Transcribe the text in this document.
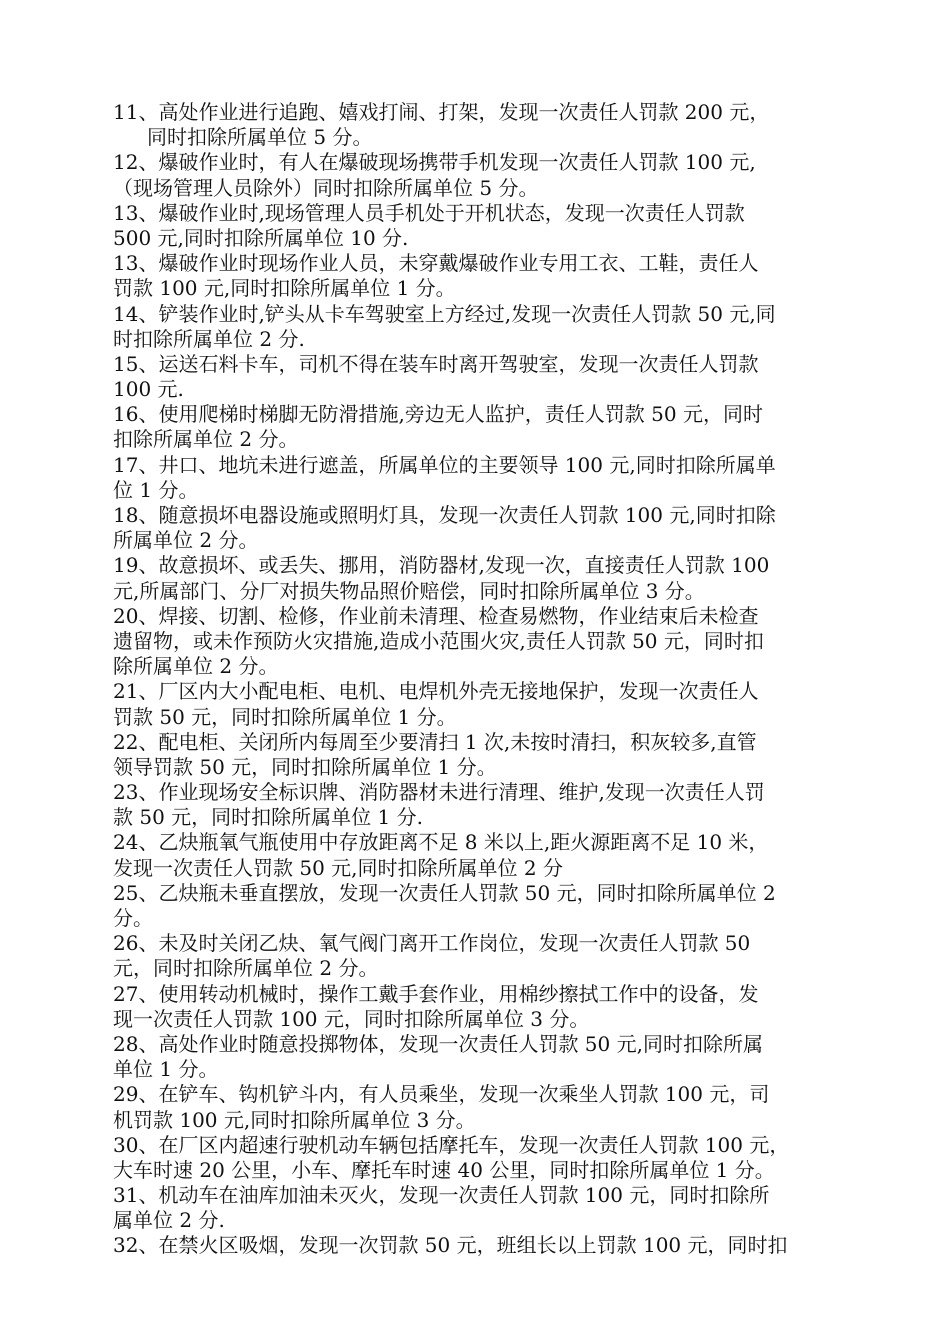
11、高处作业进行追跑、嬉戏打闹、打架，发现一次责任人罚款 200 元，
同时扣除所属单位 5 分。
12、爆破作业时，有人在爆破现场携带手机发现一次责任人罚款 100 元,
（现场管理人员除外）同时扣除所属单位 5 分。
13、爆破作业时,现场管理人员手机处于开机状态，发现一次责任人罚款
500 元,同时扣除所属单位 10 分.
13、爆破作业时现场作业人员，未穿戴爆破作业专用工衣、工鞋，责任人
罚款 100 元,同时扣除所属单位 1 分。
14、铲装作业时,铲头从卡车驾驶室上方经过,发现一次责任人罚款 50 元,同
时扣除所属单位 2 分.
15、运送石料卡车，司机不得在装车时离开驾驶室，发现一次责任人罚款
100 元.
16、使用爬梯时梯脚无防滑措施,旁边无人监护，责任人罚款 50 元，同时
扣除所属单位 2 分。
17、井口、地坑未进行遮盖，所属单位的主要领导 100 元,同时扣除所属单
位 1 分。
18、随意损坏电器设施或照明灯具，发现一次责任人罚款 100 元,同时扣除
所属单位 2 分。
19、故意损坏、或丢失、挪用，消防器材,发现一次，直接责任人罚款 100
元,所属部门、分厂对损失物品照价赔偿，同时扣除所属单位 3 分。
20、焊接、切割、检修，作业前未清理、检查易燃物，作业结束后未检查
遗留物，或未作预防火灾措施,造成小范围火灾,责任人罚款 50 元，同时扣
除所属单位 2 分。
21、厂区内大小配电柜、电机、电焊机外壳无接地保护，发现一次责任人
罚款 50 元，同时扣除所属单位 1 分。
22、配电柜、关闭所内每周至少要清扫 1 次,未按时清扫，积灰较多,直管
领导罚款 50 元，同时扣除所属单位 1 分。
23、作业现场安全标识牌、消防器材未进行清理、维护,发现一次责任人罚
款 50 元，同时扣除所属单位 1 分.
24、乙炔瓶氧气瓶使用中存放距离不足 8 米以上,距火源距离不足 10 米，
发现一次责任人罚款 50 元,同时扣除所属单位 2 分
25、乙炔瓶未垂直摆放，发现一次责任人罚款 50 元，同时扣除所属单位 2
分。
26、未及时关闭乙炔、氧气阀门离开工作岗位，发现一次责任人罚款 50
元，同时扣除所属单位 2 分。
27、使用转动机械时，操作工戴手套作业，用棉纱擦拭工作中的设备，发
现一次责任人罚款 100 元，同时扣除所属单位 3 分。
28、高处作业时随意投掷物体，发现一次责任人罚款 50 元,同时扣除所属
单位 1 分。
29、在铲车、钩机铲斗内，有人员乘坐，发现一次乘坐人罚款 100 元，司
机罚款 100 元,同时扣除所属单位 3 分。
30、在厂区内超速行驶机动车辆包括摩托车，发现一次责任人罚款 100 元，
大车时速 20 公里，小车、摩托车时速 40 公里，同时扣除所属单位 1 分。
31、机动车在油库加油未灭火，发现一次责任人罚款 100 元，同时扣除所
属单位 2 分.
32、在禁火区吸烟，发现一次罚款 50 元，班组长以上罚款 100 元，同时扣
